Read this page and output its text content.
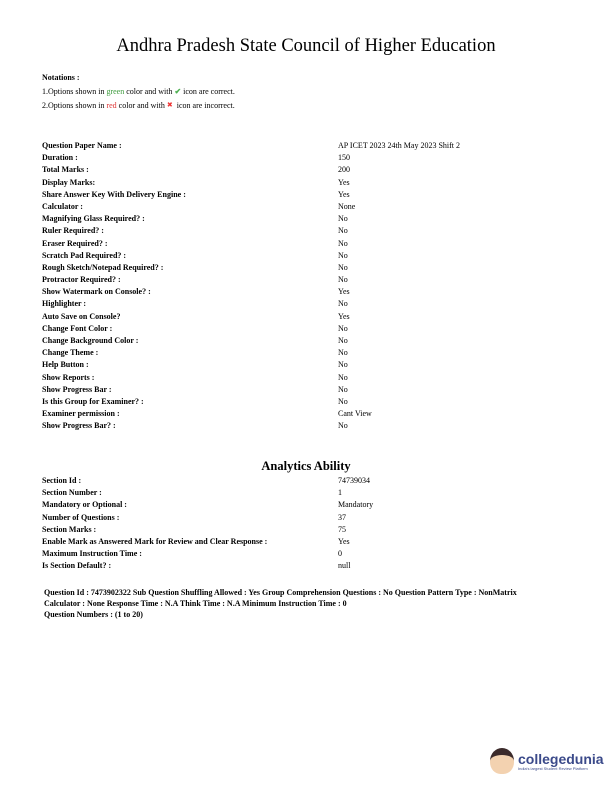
Andhra Pradesh State Council of Higher Education
Notations :
1.Options shown in green color and with ✔ icon are correct.
2.Options shown in red color and with ✖  icon are incorrect.
Question Paper Name :	AP ICET 2023 24th May 2023 Shift 2
Duration :	150
Total Marks :	200
Display Marks:	Yes
Share Answer Key With Delivery Engine :	Yes
Calculator :	None
Magnifying Glass Required? :	No
Ruler Required? :	No
Eraser Required? :	No
Scratch Pad Required? :	No
Rough Sketch/Notepad Required? :	No
Protractor Required? :	No
Show Watermark on Console? :	Yes
Highlighter :	No
Auto Save on Console?	Yes
Change Font Color :	No
Change Background Color :	No
Change Theme :	No
Help Button :	No
Show Reports :	No
Show Progress Bar :	No
Is this Group for Examiner? :	No
Examiner permission :	Cant View
Show Progress Bar? :	No
Analytics Ability
Section Id :	74739034
Section Number :	1
Mandatory or Optional :	Mandatory
Number of Questions :	37
Section Marks :	75
Enable Mark as Answered Mark for Review and Clear Response :	Yes
Maximum Instruction Time :	0
Is Section Default? :	null
Question Id : 7473902322 Sub Question Shuffling Allowed : Yes Group Comprehension Questions : No Question Pattern Type : NonMatrix
Calculator : None Response Time : N.A Think Time : N.A Minimum Instruction Time : 0
Question Numbers : (1 to 20)
collegedunia
India's largest Student Review Platform
